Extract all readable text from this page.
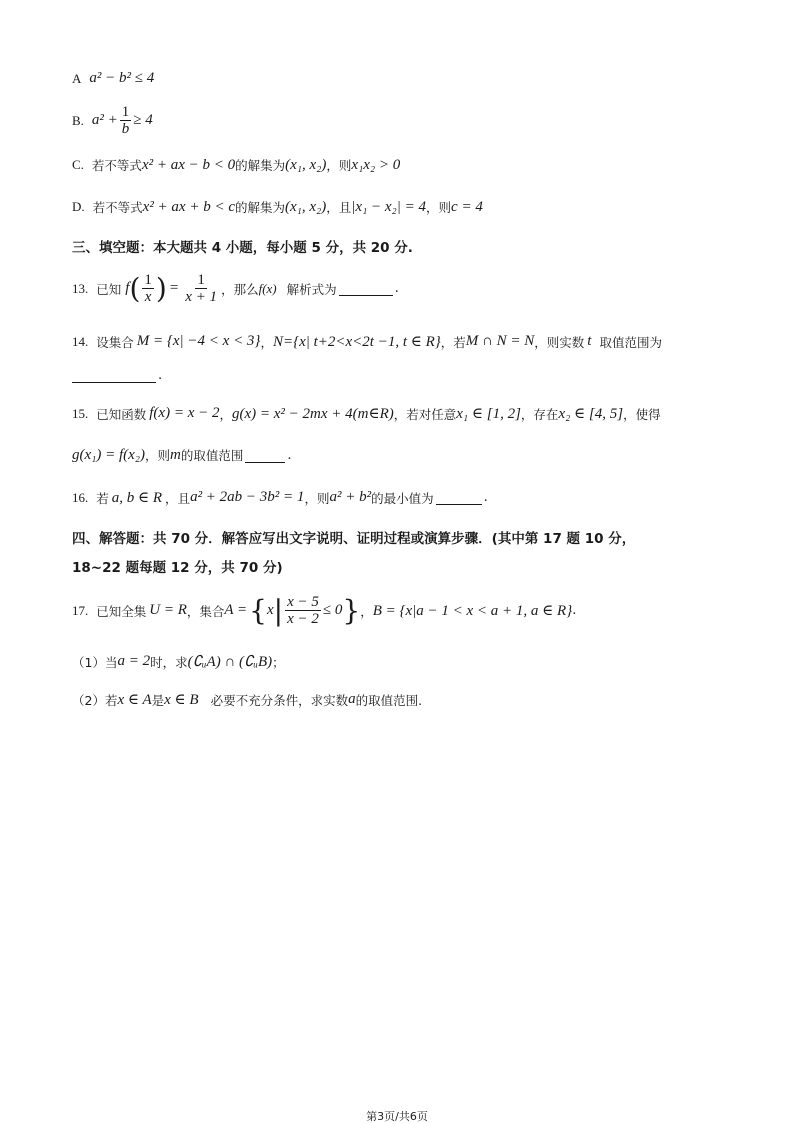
A a² − b² ≤ 4
B. $a^2 + \frac{1}{b} \ge 4$
C. 若不等式 x² + ax − b < 0 的解集为 (x₁, x₂) ，则 x₁x₂ > 0
D. 若不等式 x² + ax + b < c 的解集为 (x₁, x₂) ，且 |x₁ − x₂| = 4 ，则 c = 4
三、填空题：本大题共 4 小题，每小题 5 分，共 20 分.
13. 已知 f ( $\frac{1}{x}$ ) = $\frac{1}{x + 1}$ ，那么 f(x) 解析式为	.
14. 设集合 M = {x| −4 < x < 3} ， N={x| t+2<x<2t −1, t ∈ R} ，若 M ∩ N = N ，则实数 t 取值范围为
.
15. 已知函数 f(x) = x − 2 ， g(x) = x² − 2mx + 4(m∈R) ，若对任意 x₁ ∈ [1, 2] ，存在 x₂ ∈ [4, 5] ，使得
g(x₁) = f(x₂) ，则 m 的取值范围	.
16. 若 a, b ∈ R ，且 a² + 2ab − 3b² = 1 ，则 a² + b² 的最小值为	.
四、解答题：共 70 分．解答应写出文字说明、证明过程或演算步骤．(其中第 17 题 10 分，
18~22 题每题 12 分，共 70 分)
17. 已知全集 U = R ，集合 A = { x | $\frac{x - 5}{x - 2} \le 0$ } ， B = {x|a − 1 < x < a + 1, a ∈ R} .
（1） 当 a = 2 时，求 (∁ᵤA) ∩ (∁ᵤB) ；
（2） 若 x ∈ A 是 x ∈ B 必要不充分条件，求实数 a 的取值范围.
第3页/共6页
